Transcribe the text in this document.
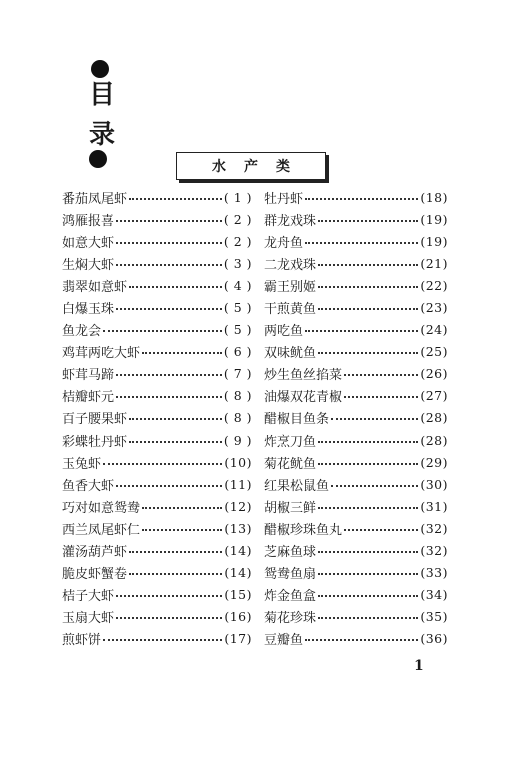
目
录
水产类
番茄凤尾虾	( 1 )
鸿雁报喜	( 2 )
如意大虾	( 2 )
生焖大虾	( 3 )
翡翠如意虾	( 4 )
白爆玉珠	( 5 )
鱼龙会	( 5 )
鸡茸两吃大虾	( 6 )
虾茸马蹄	( 7 )
桔瓣虾元	( 8 )
百子腰果虾	( 8 )
彩蝶牡丹虾	( 9 )
玉兔虾	(10)
鱼香大虾	(11)
巧对如意鸳鸯	(12)
西兰凤尾虾仁	(13)
灌汤葫芦虾	(14)
脆皮虾蟹卷	(14)
桔子大虾	(15)
玉扇大虾	(16)
煎虾饼	(17)
牡丹虾	(18)
群龙戏珠	(19)
龙舟鱼	(19)
二龙戏珠	(21)
霸王别姬	(22)
干煎黄鱼	(23)
两吃鱼	(24)
双味鱿鱼	(25)
炒生鱼丝掐菜	(26)
油爆双花青椒	(27)
醋椒目鱼条	(28)
炸烹刀鱼	(28)
菊花鱿鱼	(29)
红果松鼠鱼	(30)
胡椒三鲜	(31)
醋椒珍珠鱼丸	(32)
芝麻鱼球	(32)
鸳鸯鱼扇	(33)
炸金鱼盒	(34)
菊花珍珠	(35)
豆瓣鱼	(36)
1
